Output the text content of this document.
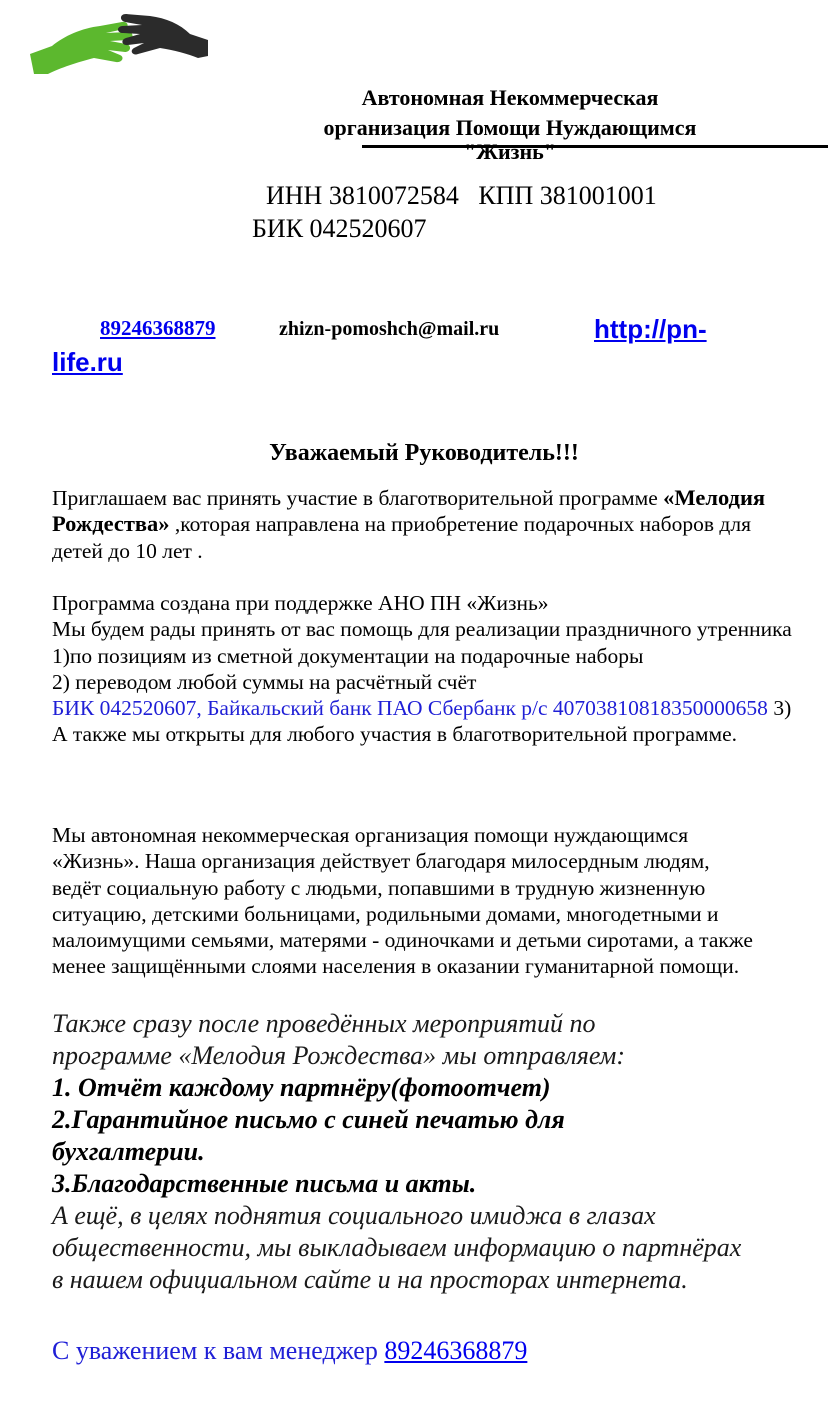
Автономная Некоммерческая
организация Помощи Нуждающимся
"Жизнь"
ИНН 3810072584   КПП 381001001
БИК 042520607
89246368879	zhizn-pomoshch@mail.ru	http://pn-
life.ru
Уважаемый Руководитель!!!
Приглашаем вас принять участие в благотворительной программе «Мелодия Рождества» ,которая направлена на приобретение подарочных наборов для детей до 10 лет .
Программа создана при поддержке АНО ПН «Жизнь»
Мы будем рады принять от вас помощь для реализации праздничного утренника
1)по позициям из сметной документации на подарочные наборы
2) переводом любой суммы на расчётный счёт
БИК 042520607, Байкальский банк ПАО Сбербанк р/с 40703810818350000658 3) А также мы открыты для любого участия в благотворительной программе.
Мы автономная некоммерческая организация помощи нуждающимся «Жизнь». Наша организация действует благодаря милосердным людям, ведёт социальную работу с людьми, попавшими в трудную жизненную ситуацию, детскими больницами, родильными домами, многодетными и малоимущими семьями, матерями - одиночками и детьми сиротами, а также менее защищёнными слоями населения в оказании гуманитарной помощи.
Также сразу после проведённых мероприятий по программе «Мелодия Рождества» мы отправляем:
1. Отчёт каждому партнёру(фотоотчет)
2.Гарантийное письмо с синей печатью для бухгалтерии.
3.Благодарственные письма и акты.
А ещё, в целях поднятия социального имиджа в глазах общественности, мы выкладываем информацию о партнёрах в нашем официальном сайте и на просторах интернета.
С уважением к вам менеджер 89246368879
